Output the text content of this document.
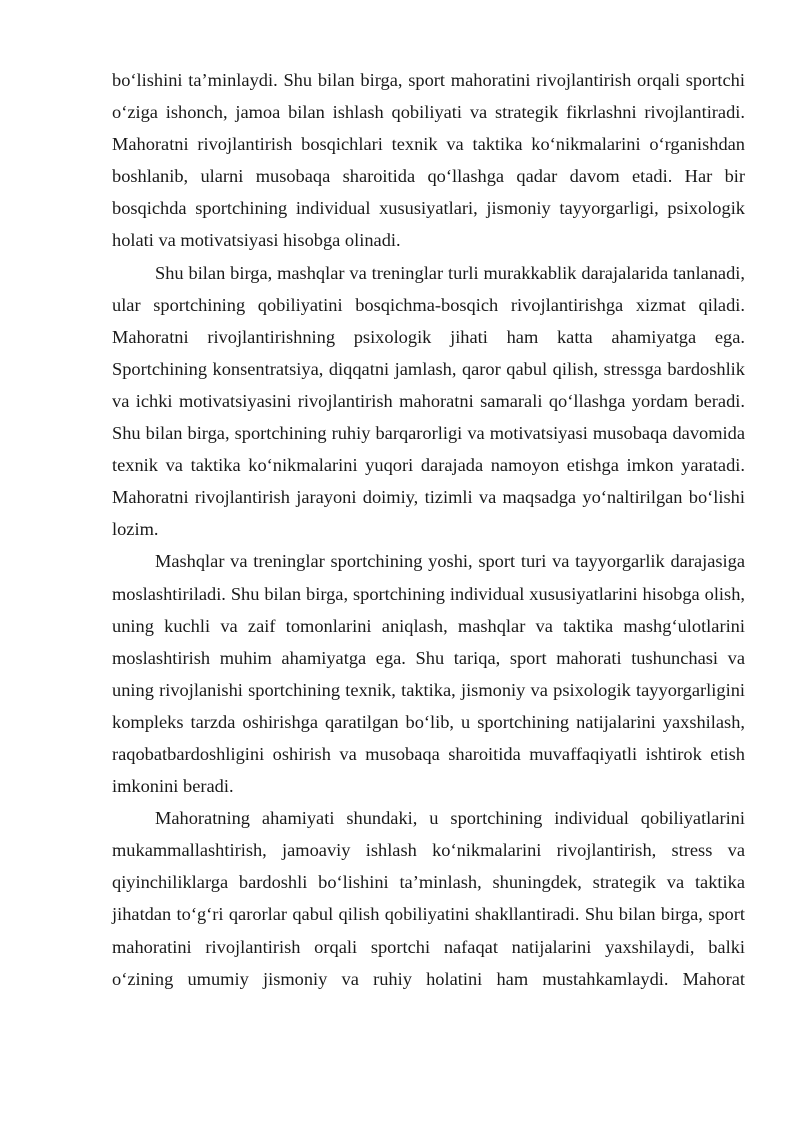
bo‘lishini ta’minlaydi. Shu bilan birga, sport mahoratini rivojlantirish orqali sportchi o‘ziga ishonch, jamoa bilan ishlash qobiliyati va strategik fikrlashni rivojlantiradi. Mahoratni rivojlantirish bosqichlari texnik va taktika ko‘nikmalarini o‘rganishdan boshlanib, ularni musobaqa sharoitida qo‘llashga qadar davom etadi. Har bir bosqichda sportchining individual xususiyatlari, jismoniy tayyorgarligi, psixologik holati va motivatsiyasi hisobga olinadi.

Shu bilan birga, mashqlar va treninglar turli murakkablik darajalarida tanlanadi, ular sportchining qobiliyatini bosqichma-bosqich rivojlantirishga xizmat qiladi. Mahoratni rivojlantirishning psixologik jihati ham katta ahamiyatga ega. Sportchining konsentratsiya, diqqatni jamlash, qaror qabul qilish, stressga bardoshlik va ichki motivatsiyasini rivojlantirish mahoratni samarali qo‘llashga yordam beradi. Shu bilan birga, sportchining ruhiy barqarorligi va motivatsiyasi musobaqa davomida texnik va taktika ko‘nikmalarini yuqori darajada namoyon etishga imkon yaratadi. Mahoratni rivojlantirish jarayoni doimiy, tizimli va maqsadga yo‘naltirilgan bo‘lishi lozim.

Mashqlar va treninglar sportchining yoshi, sport turi va tayyorgarlik darajasiga moslashtiriladi. Shu bilan birga, sportchining individual xususiyatlarini hisobga olish, uning kuchli va zaif tomonlarini aniqlash, mashqlar va taktika mashg‘ulotlarini moslashtirish muhim ahamiyatga ega. Shu tariqa, sport mahorati tushunchasi va uning rivojlanishi sportchining texnik, taktika, jismoniy va psixologik tayyorgarligini kompleks tarzda oshirishga qaratilgan bo‘lib, u sportchining natijalarini yaxshilash, raqobatbardoshligini oshirish va musobaqa sharoitida muvaffaqiyatli ishtirok etish imkonini beradi.

Mahoratning ahamiyati shundaki, u sportchining individual qobiliyatlarini mukammallashtirish, jamoaviy ishlash ko‘nikmalarini rivojlantirish, stress va qiyinchiliklarga bardoshli bo‘lishini ta’minlash, shuningdek, strategik va taktika jihatdan to‘g‘ri qarorlar qabul qilish qobiliyatini shakllantiradi. Shu bilan birga, sport mahoratini rivojlantirish orqali sportchi nafaqat natijalarini yaxshilaydi, balki o‘zining umumiy jismoniy va ruhiy holatini ham mustahkamlaydi. Mahorat
